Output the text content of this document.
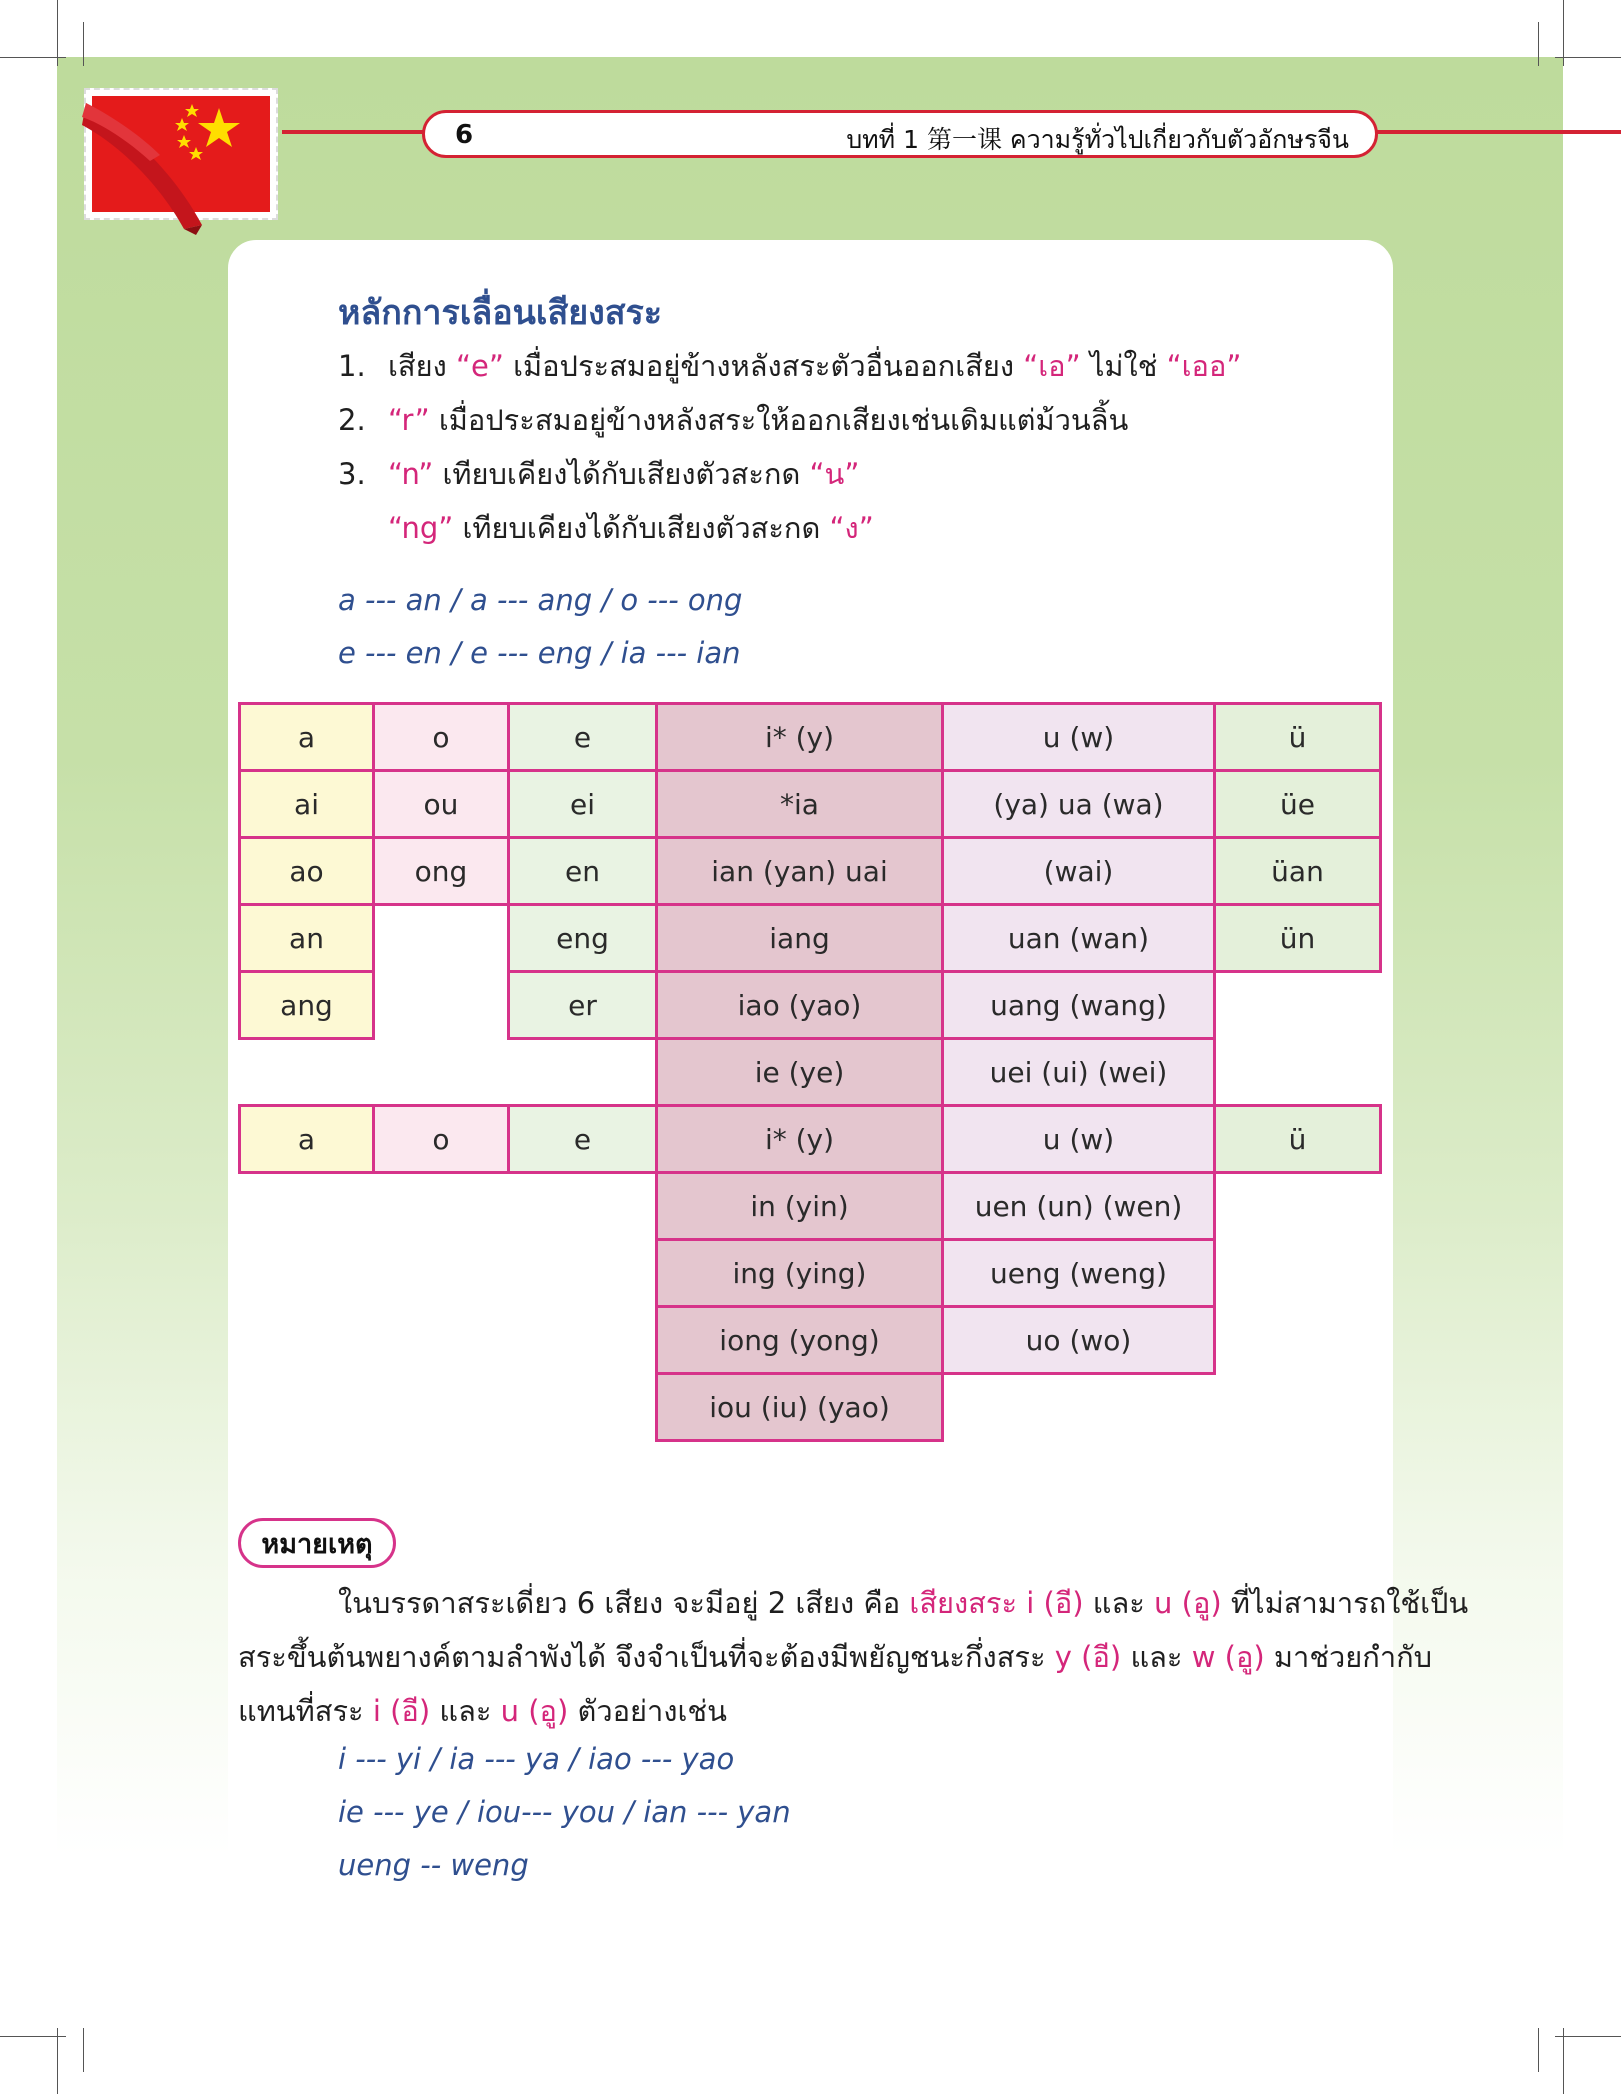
6	บทที่ 1 第一课 ความรู้ทั่วไปเกี่ยวกับตัวอักษรจีน
หลักการเลื่อนเสียงสระ
1. เสียง “e” เมื่อประสมอยู่ข้างหลังสระตัวอื่นออกเสียง “เอ” ไม่ใช่ “เออ”
2. “r” เมื่อประสมอยู่ข้างหลังสระให้ออกเสียงเช่นเดิมแต่ม้วนลิ้น
3. “n” เทียบเคียงได้กับเสียงตัวสะกด “น”
“ng” เทียบเคียงได้กับเสียงตัวสะกด “ง”
a --- an / a --- ang / o --- ong
e --- en / e --- eng / ia --- ian
a
ai
ao
an
ang
a
o
ou
ong
o
e
ei
en
eng
er
e
i* (y)
*ia
ian (yan) uai
iang
iao (yao)
ie (ye)
i* (y)
in (yin)
ing (ying)
iong (yong)
iou (iu) (yao)
u (w)
(ya) ua (wa)
(wai)
uan (wan)
uang (wang)
uei (ui) (wei)
u (w)
uen (un) (wen)
ueng (weng)
uo (wo)
ü
üe
üan
ün
ü
หมายเหตุ
ในบรรดาสระเดี่ยว 6 เสียง จะมีอยู่ 2 เสียง คือ เสียงสระ i (อี) และ u (อู) ที่ไม่สามารถใช้เป็น
สระขึ้นต้นพยางค์ตามลำพังได้ จึงจำเป็นที่จะต้องมีพยัญชนะกึ่งสระ y (อี) และ w (อู) มาช่วยกำกับ
แทนที่สระ i (อี) และ u (อู) ตัวอย่างเช่น
i --- yi / ia --- ya / iao --- yao
ie --- ye / iou--- you / ian --- yan
ueng -- weng
